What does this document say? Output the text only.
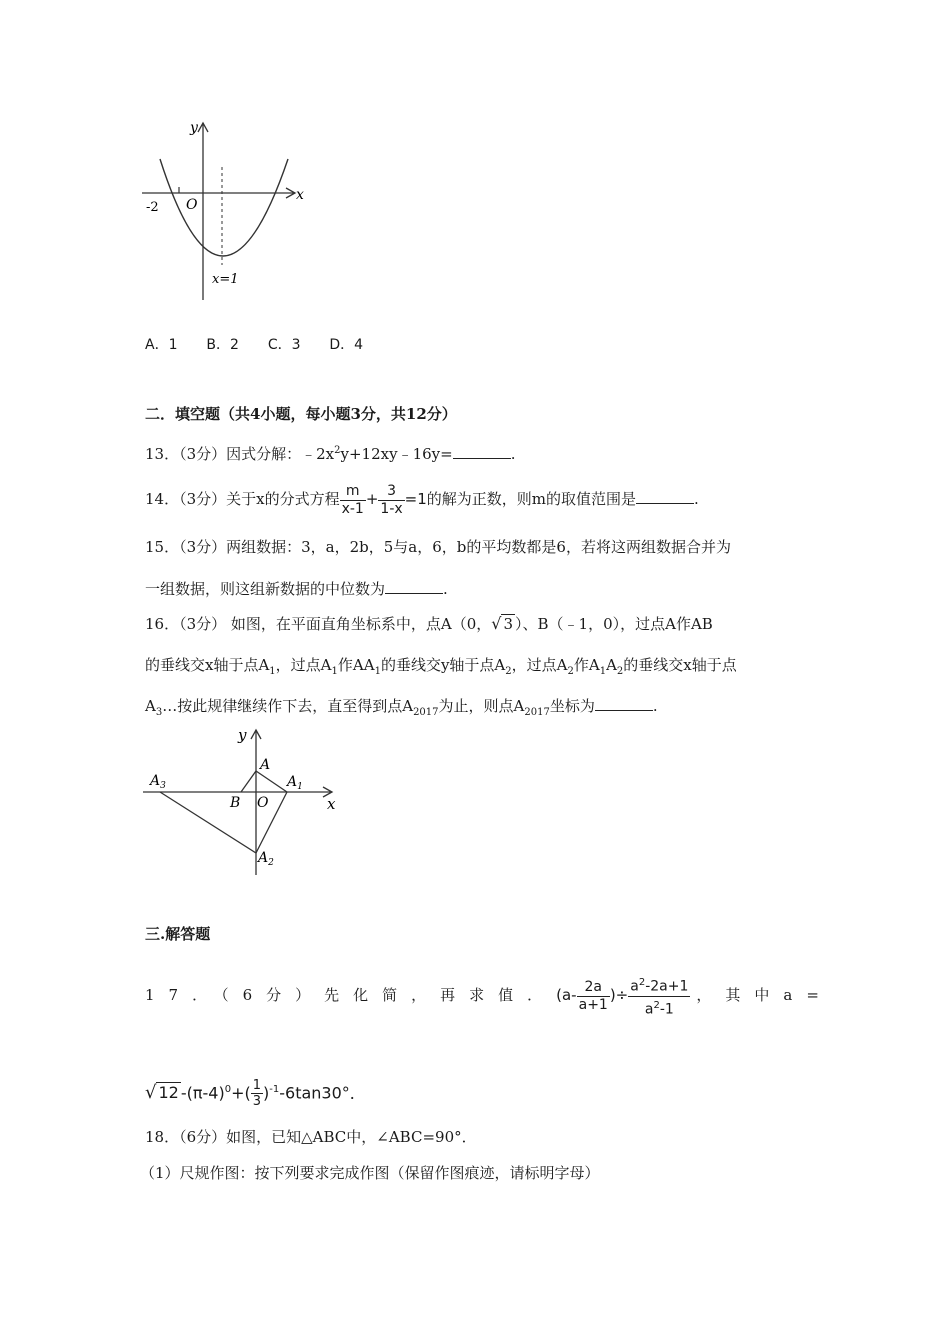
y
x
O
-2
x=1
A．1 B．2 C．3 D．4
二．填空题（共4小题，每小题3分，共12分）
13．（3分）因式分解：$﹣2x^2y+12xy﹣16y=$	.
14．（3分）关于x的分式方程 $\frac{m}{x-1} + \frac{3}{1-x} =1$的解为正数，则m的取值范围是	.
15．（3分）两组数据：3，a，2b，5与a，6，b的平均数都是6，若将这两组数据合并为
一组数据，则这组新数据的中位数为	.
16．（3分） 如图，在平面直角坐标系中，点A（0，√ 3 ）、B（﹣1，0），过点A作AB
的垂线交x轴于点$A_1$，过点$A_1$作$AA_1$的垂线交y轴于点$A_2$，过点$A_2$作$A_1A_2$的垂线交x轴于点
$A_3\dots$按此规律继续作下去，直至得到点$A_{2017}$为止，则点$A_{2017}$坐标为	.
y
x
A
B O
$A_1$
$A_2$
$A_3$
三.解答题
17．（6分）先化简，再求值．($a- \frac{2a}{a+1}$ )÷ $\frac{a^2-2a+1}{a^2-1}$ ，其中a=
√ 12 $-(\pi-4)^0+( \frac{1}{3} )^{-1}-6\tan 30^\circ$．
18．（6分）如图，已知△ABC中，∠ABC=90°．
（1）尺规作图：按下列要求完成作图（保留作图痕迹，请标明字母）
